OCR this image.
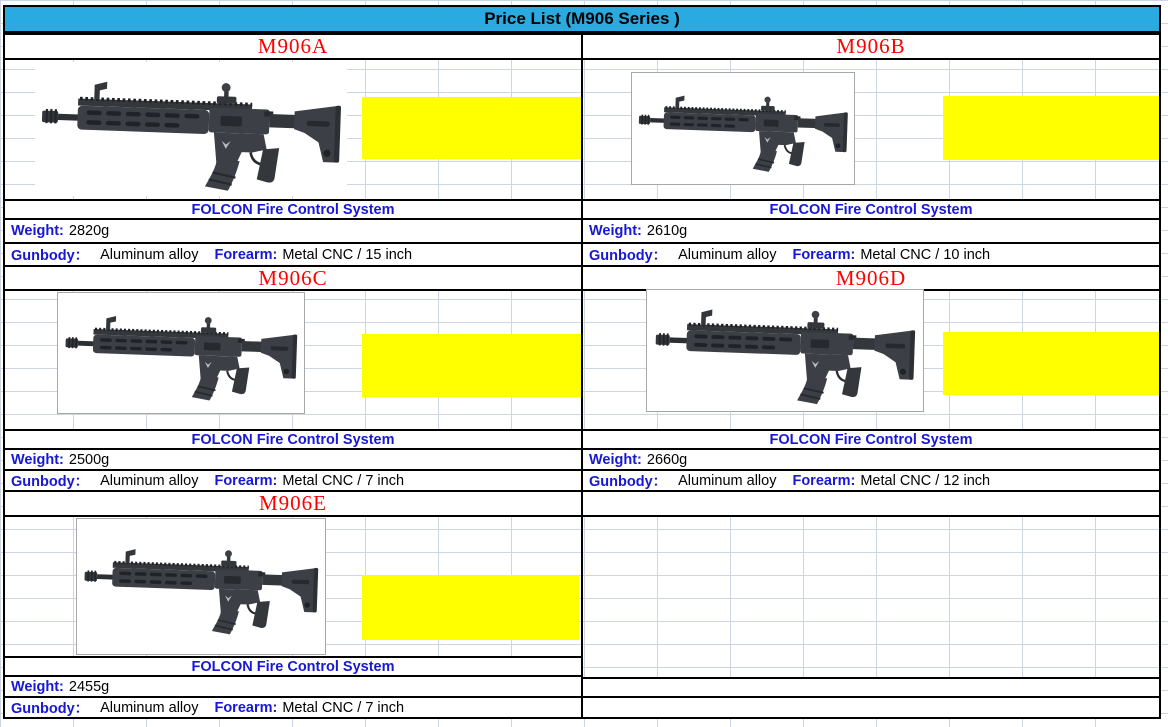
Price List (M906 Series )
M906A	M906B
FOLCON Fire Control System	FOLCON Fire Control System
Weight: 2820g	Weight: 2610g
Gunbody： Aluminum alloy Forearm: Metal CNC / 15 inch	Gunbody： Aluminum alloy Forearm: Metal CNC / 10 inch
M906C	M906D
FOLCON Fire Control System	FOLCON Fire Control System
Weight: 2500g	Weight: 2660g
Gunbody： Aluminum alloy Forearm: Metal CNC / 7 inch	Gunbody： Aluminum alloy Forearm: Metal CNC / 12 inch
M906E
FOLCON Fire Control System
Weight: 2455g
Gunbody： Aluminum alloy Forearm: Metal CNC / 7 inch
